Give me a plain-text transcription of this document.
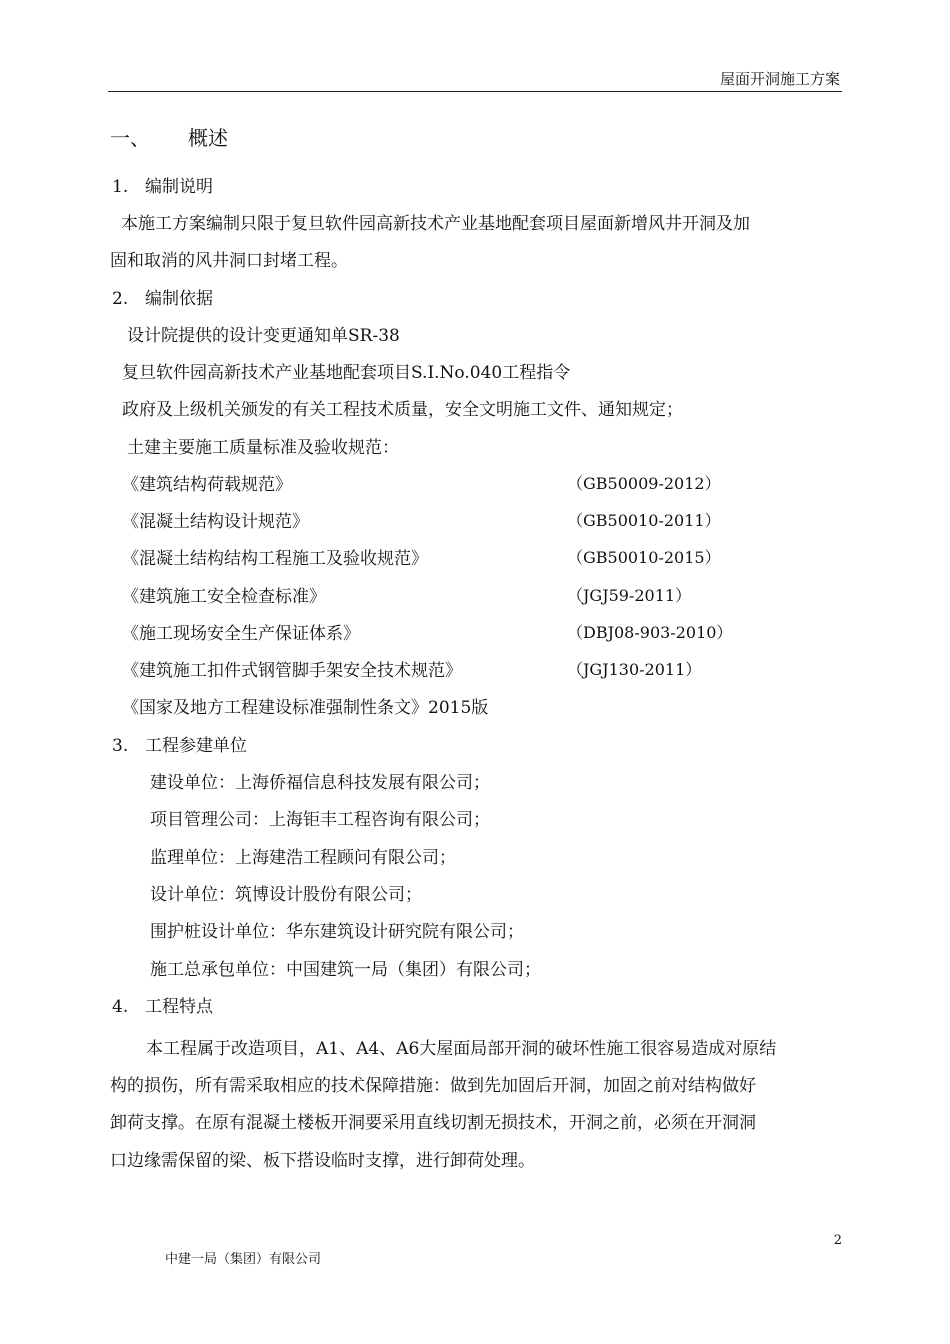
屋面开洞施工方案
一、 概述
1. 编制说明
本施工方案编制只限于复旦软件园高新技术产业基地配套项目屋面新增风井开洞及加
固和取消的风井洞口封堵工程。
2. 编制依据
设计院提供的设计变更通知单SR-38
复旦软件园高新技术产业基地配套项目S.I.No.040工程指令
政府及上级机关颁发的有关工程技术质量，安全文明施工文件、通知规定；
土建主要施工质量标准及验收规范：
《建筑结构荷载规范》	（GB50009-2012）
《混凝土结构设计规范》	（GB50010-2011）
《混凝土结构结构工程施工及验收规范》	（GB50010-2015）
《建筑施工安全检查标准》	（JGJ59-2011）
《施工现场安全生产保证体系》	（DBJ08-903-2010）
《建筑施工扣件式钢管脚手架安全技术规范》	（JGJ130-2011）
《国家及地方工程建设标准强制性条文》2015版
3. 工程参建单位
建设单位：上海侨福信息科技发展有限公司；
项目管理公司：上海钜丰工程咨询有限公司；
监理单位：上海建浩工程顾问有限公司；
设计单位：筑博设计股份有限公司；
围护桩设计单位：华东建筑设计研究院有限公司；
施工总承包单位：中国建筑一局（集团）有限公司；
4. 工程特点
本工程属于改造项目，A1、A4、A6大屋面局部开洞的破坏性施工很容易造成对原结
构的损伤，所有需采取相应的技术保障措施：做到先加固后开洞，加固之前对结构做好
卸荷支撑。在原有混凝土楼板开洞要采用直线切割无损技术，开洞之前，必须在开洞洞
口边缘需保留的梁、板下搭设临时支撑，进行卸荷处理。
2
中建一局（集团）有限公司
